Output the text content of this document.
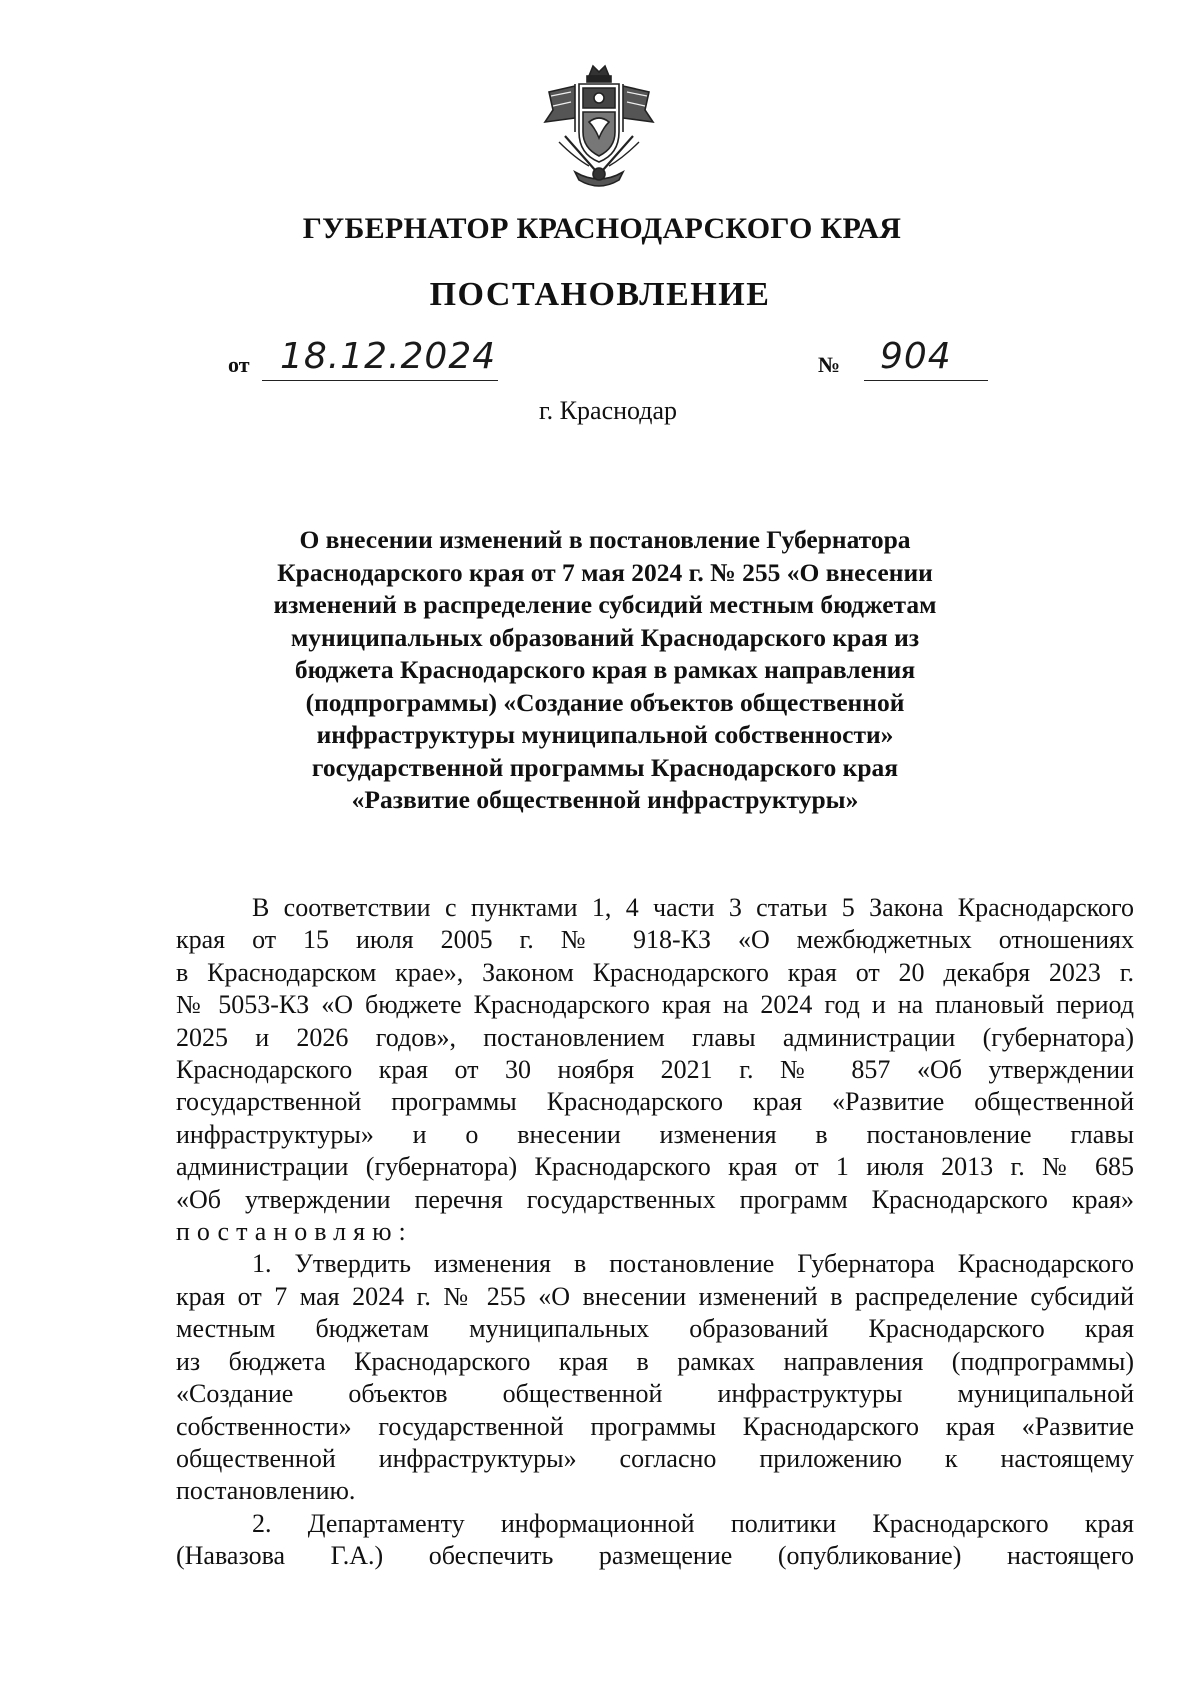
ГУБЕРНАТОР КРАСНОДАРСКОГО КРАЯ
ПОСТАНОВЛЕНИЕ
от 18.12.2024	№ 904
г. Краснодар
О внесении изменений в постановление Губернатора
Краснодарского края от 7 мая 2024 г. № 255 «О внесении
изменений в распределение субсидий местным бюджетам
муниципальных образований Краснодарского края из
бюджета Краснодарского края в рамках направления
(подпрограммы) «Создание объектов общественной
инфраструктуры муниципальной собственности»
государственной программы Краснодарского края
«Развитие общественной инфраструктуры»
В соответствии с пунктами 1, 4 части 3 статьи 5 Закона Краснодарского
края от 15 июля 2005 г. № 918-КЗ «О межбюджетных отношениях
в Краснодарском крае», Законом Краснодарского края от 20 декабря 2023 г.
№ 5053-КЗ «О бюджете Краснодарского края на 2024 год и на плановый период
2025 и 2026 годов», постановлением главы администрации (губернатора)
Краснодарского края от 30 ноября 2021 г. № 857 «Об утверждении
государственной программы Краснодарского края «Развитие общественной
инфраструктуры» и о внесении изменения в постановление главы
администрации (губернатора) Краснодарского края от 1 июля 2013 г. № 685
«Об утверждении перечня государственных программ Краснодарского края»
постановляю:
1. Утвердить изменения в постановление Губернатора Краснодарского
края от 7 мая 2024 г. № 255 «О внесении изменений в распределение субсидий
местным бюджетам муниципальных образований Краснодарского края
из бюджета Краснодарского края в рамках направления (подпрограммы)
«Создание объектов общественной инфраструктуры муниципальной
собственности» государственной программы Краснодарского края «Развитие
общественной инфраструктуры» согласно приложению к настоящему
постановлению.
2. Департаменту информационной политики Краснодарского края
(Навазова Г.А.) обеспечить размещение (опубликование) настоящего
